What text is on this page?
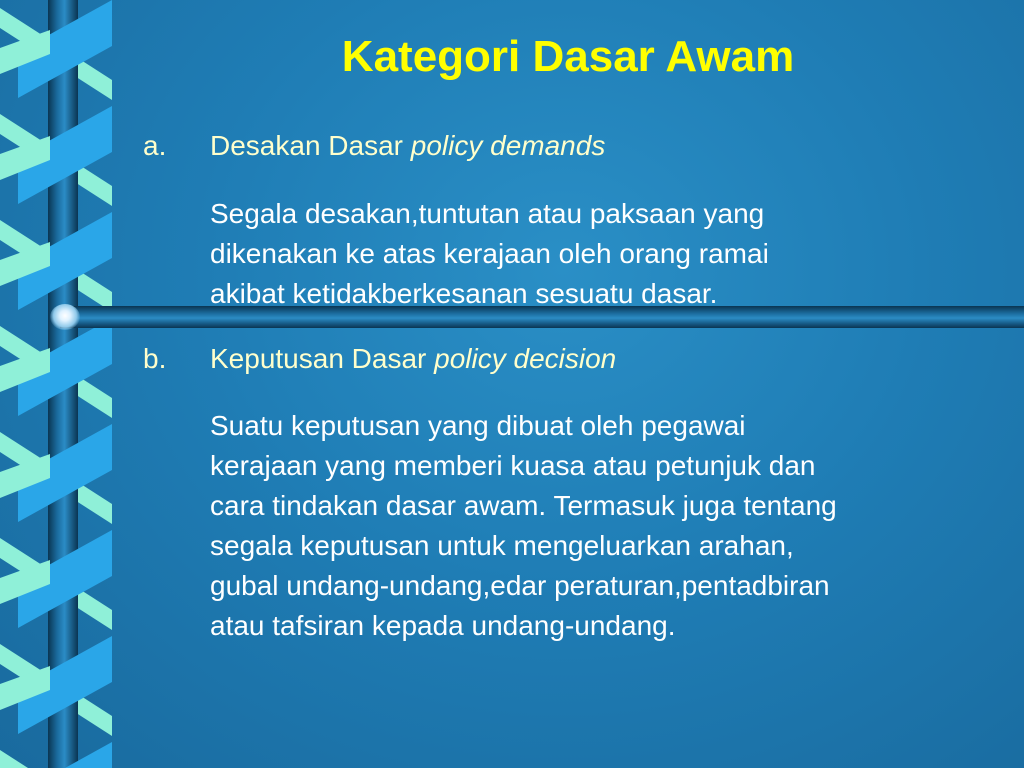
Kategori Dasar Awam
a. Desakan Dasar policy demands
Segala desakan,tuntutan atau paksaan yang
dikenakan ke atas kerajaan oleh orang ramai
akibat ketidakberkesanan sesuatu dasar.
b. Keputusan Dasar policy decision
Suatu keputusan yang dibuat oleh pegawai
kerajaan yang memberi kuasa atau petunjuk dan
cara tindakan dasar awam. Termasuk juga tentang
segala keputusan untuk mengeluarkan arahan,
gubal undang-undang,edar peraturan,pentadbiran
atau tafsiran kepada undang-undang.
